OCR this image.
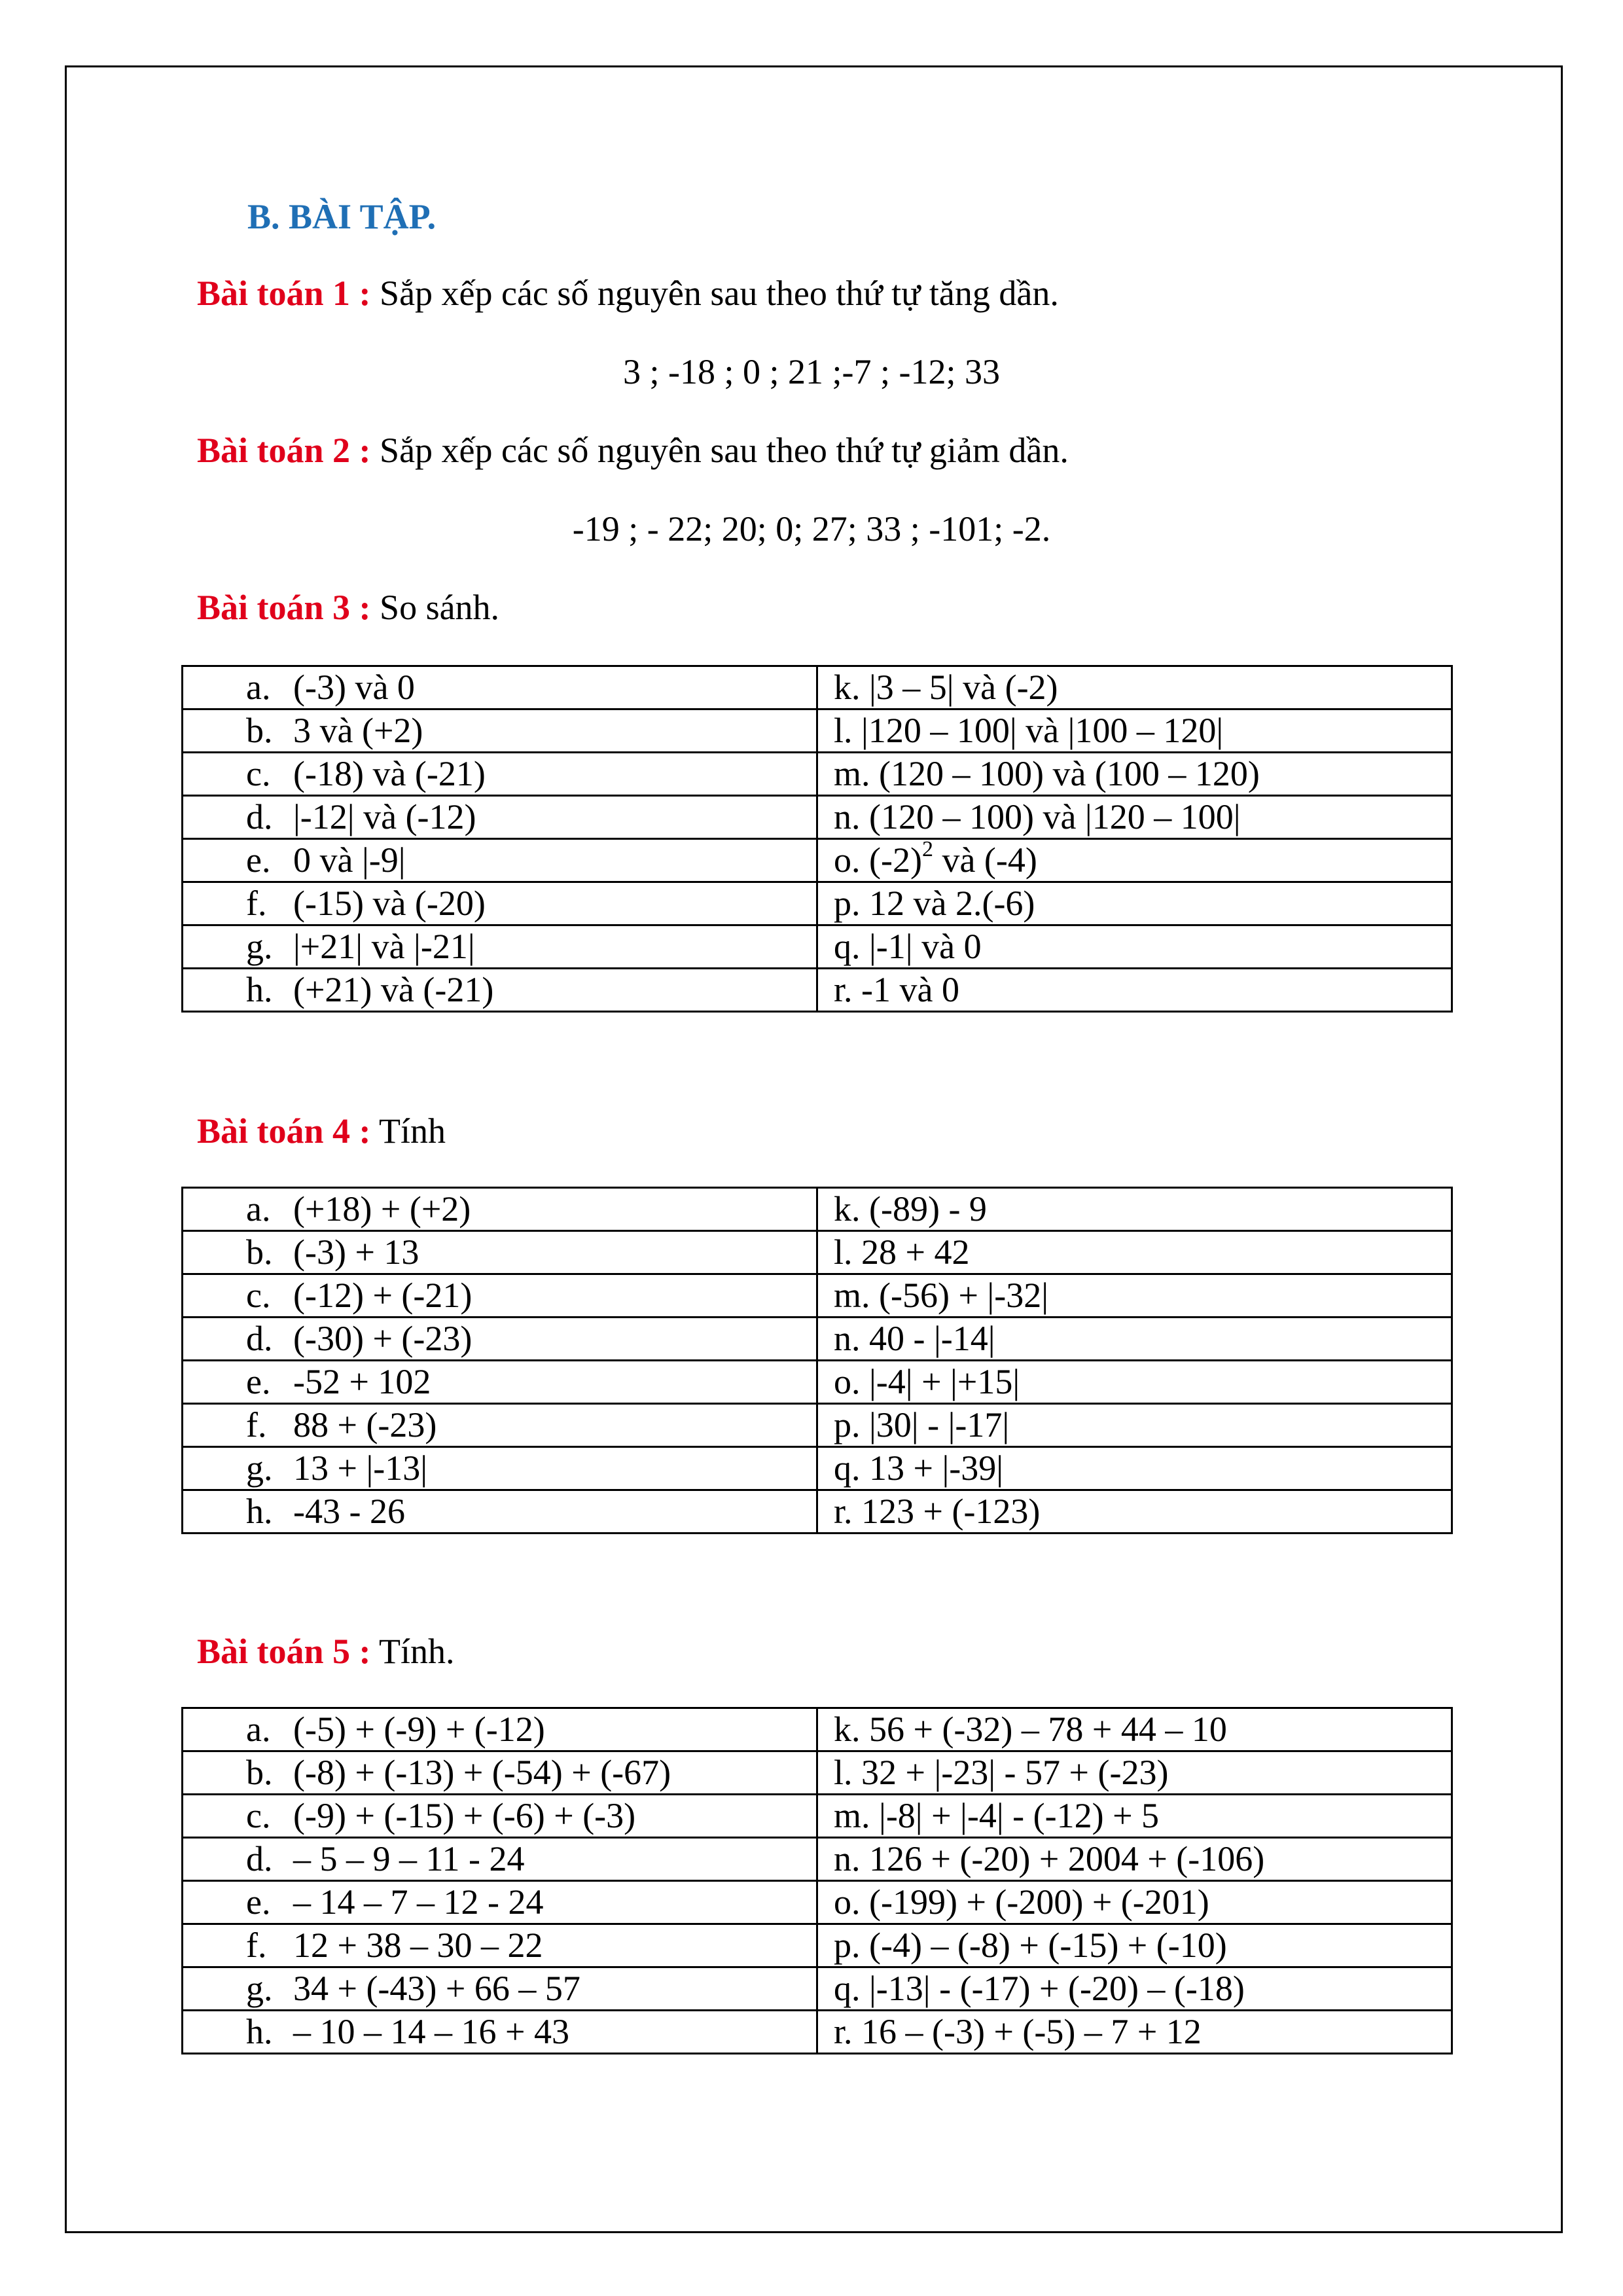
B. BÀI TẬP.
Bài toán 1 : Sắp xếp các số nguyên sau theo thứ tự tăng dần.
3 ; -18 ; 0 ; 21 ;-7 ; -12; 33
Bài toán 2 : Sắp xếp các số nguyên sau theo thứ tự giảm dần.
-19 ; - 22; 20; 0; 27; 33 ; -101; -2.
Bài toán 3 : So sánh.
a. (-3) và 0	k. |3 – 5| và (-2)
b. 3 và (+2)	l. |120 – 100| và |100 – 120|
c. (-18) và (-21)	m. (120 – 100) và (100 – 120)
d. |-12| và (-12)	n. (120 – 100) và |120 – 100|
e. 0 và |-9|	o. $(-2)^2$ và (-4)
f. (-15) và (-20)	p. 12 và 2.(-6)
g. |+21| và |-21|	q. |-1| và 0
h. (+21) và (-21)	r. -1 và 0
Bài toán 4 : Tính
a. (+18) + (+2)	k. (-89) - 9
b. (-3) + 13	l. 28 + 42
c. (-12) + (-21)	m. (-56) + |-32|
d. (-30) + (-23)	n. 40 - |-14|
e. -52 + 102	o. |-4| + |+15|
f. 88 + (-23)	p. |30| - |-17|
g. 13 + |-13|	q. 13 + |-39|
h. -43 - 26	r. 123 + (-123)
Bài toán 5 : Tính.
a. (-5) + (-9) + (-12)	k. 56 + (-32) – 78 + 44 – 10
b. (-8) + (-13) + (-54) + (-67)	l. 32 + |-23| - 57 + (-23)
c. (-9) + (-15) + (-6) + (-3)	m. |-8| + |-4| - (-12) + 5
d. – 5 – 9 – 11 - 24	n. 126 + (-20) + 2004 + (-106)
e. – 14 – 7 – 12 - 24	o. (-199) + (-200) + (-201)
f. 12 + 38 – 30 – 22	p. (-4) – (-8) + (-15) + (-10)
g. 34 + (-43) + 66 – 57	q. |-13| - (-17) + (-20) – (-18)
h. – 10 – 14 – 16 + 43	r. 16 – (-3) + (-5) – 7 + 12
